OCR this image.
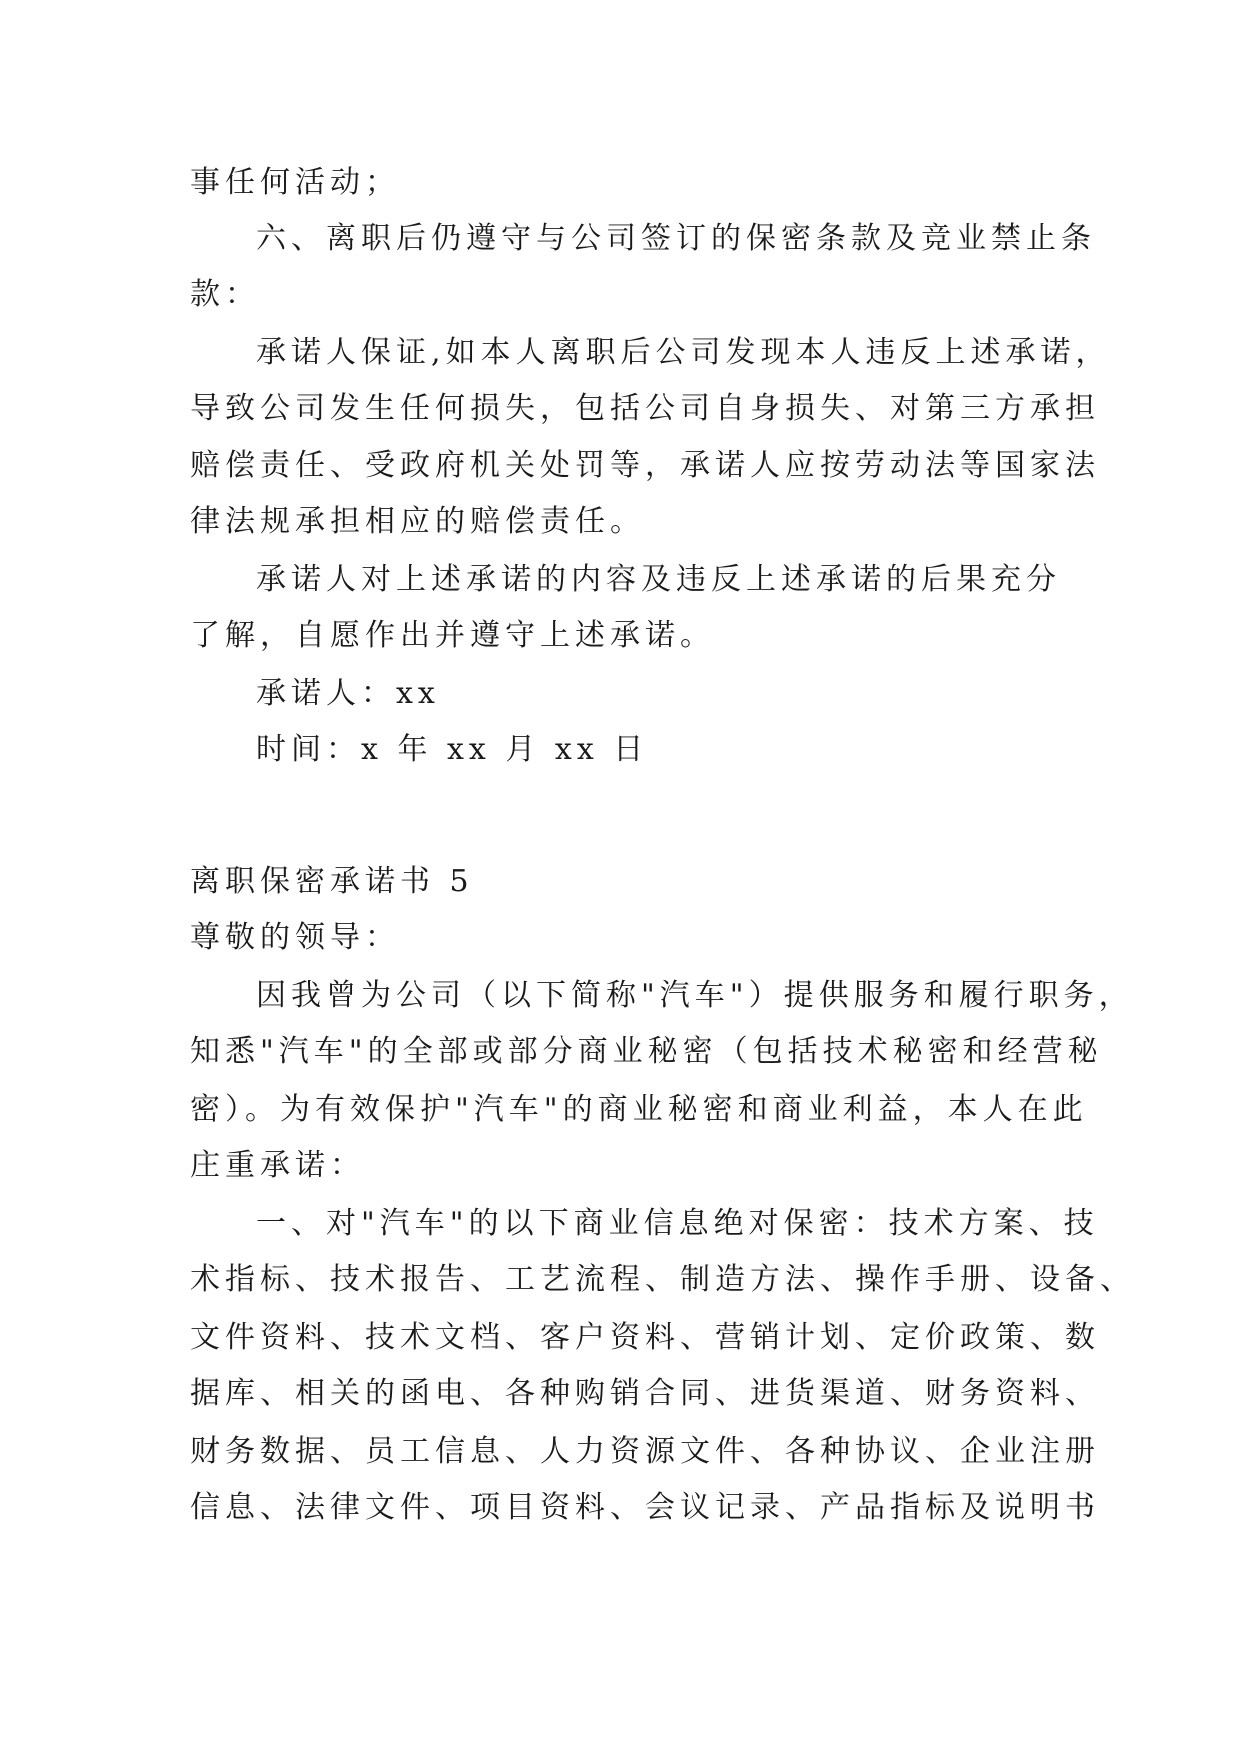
事任何活动；
六、离职后仍遵守与公司签订的保密条款及竞业禁止条
款：
承诺人保证,如本人离职后公司发现本人违反上述承诺，
导致公司发生任何损失，包括公司自身损失、对第三方承担
赔偿责任、受政府机关处罚等，承诺人应按劳动法等国家法
律法规承担相应的赔偿责任。
承诺人对上述承诺的内容及违反上述承诺的后果充分
了解，自愿作出并遵守上述承诺。
承诺人：xx
时间：x 年 xx 月 xx 日
离职保密承诺书 5
尊敬的领导：
因我曾为公司（以下简称"汽车"）提供服务和履行职务，
知悉"汽车"的全部或部分商业秘密（包括技术秘密和经营秘
密）。为有效保护"汽车"的商业秘密和商业利益，本人在此
庄重承诺：
一、对"汽车"的以下商业信息绝对保密：技术方案、技
术指标、技术报告、工艺流程、制造方法、操作手册、设备、
文件资料、技术文档、客户资料、营销计划、定价政策、数
据库、相关的函电、各种购销合同、进货渠道、财务资料、
财务数据、员工信息、人力资源文件、各种协议、企业注册
信息、法律文件、项目资料、会议记录、产品指标及说明书
